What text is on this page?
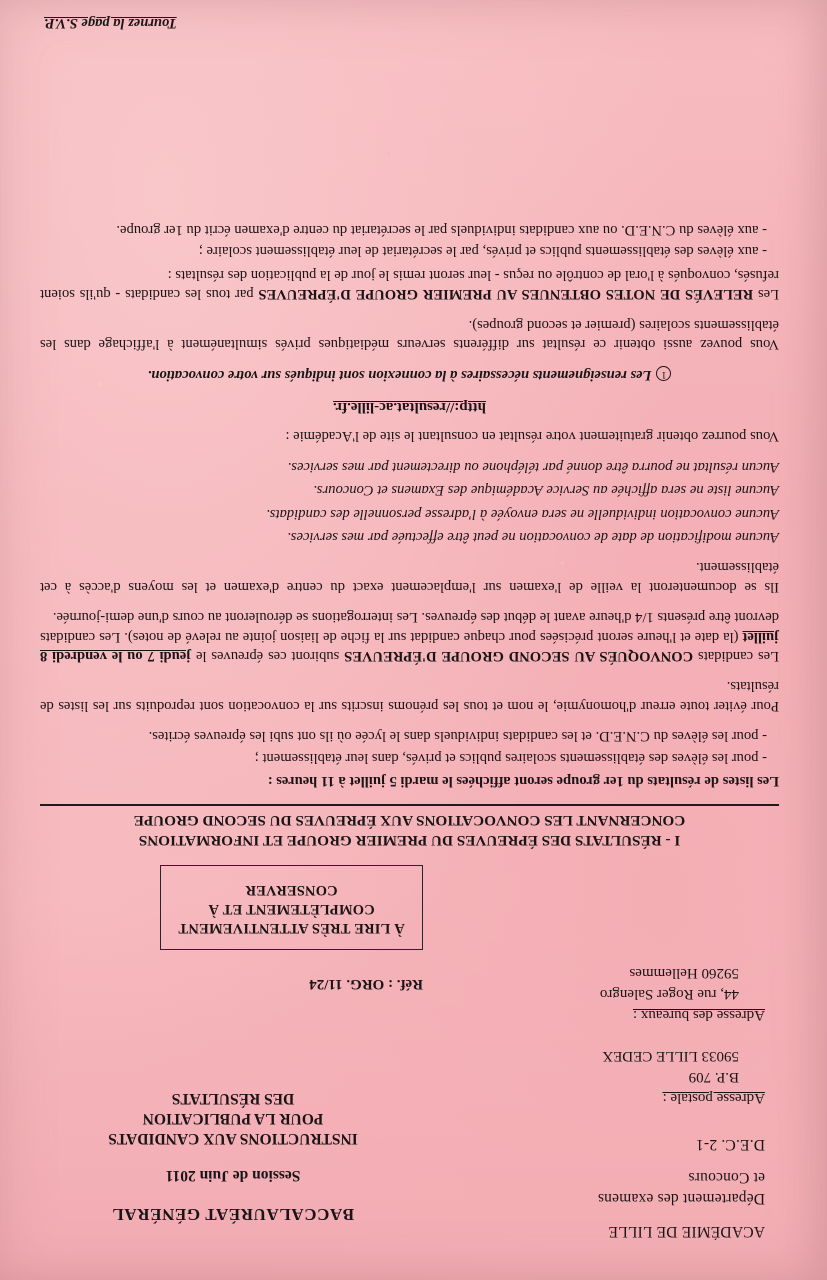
ACADÉMIE DE LILLE
Département des examens
et Concours
D.E.C. 2-1
Adresse postale :
B.P. 709
59033 LILLE CEDEX
Adresse des bureaux :
44, rue Roger Salengro
59260 Hellemmes
BACCALAURÉAT GÉNÉRAL
Session de Juin 2011
INSTRUCTIONS AUX CANDIDATS
POUR LA PUBLICATION
DES RÉSULTATS
Réf. : ORG. 11/24
À LIRE TRÈS ATTENTIVEMENT
COMPLÈTEMENT ET À
CONSERVER
I - RÉSULTATS DES ÉPREUVES DU PREMIER GROUPE ET INFORMATIONS
CONCERNANT LES CONVOCATIONS AUX ÉPREUVES DU SECOND GROUPE

Les listes de résultats du 1er groupe seront affichées le mardi 5 juillet à 11 heures :

- pour les élèves des établissements scolaires publics et privés, dans leur établissement ;

- pour les élèves du C.N.E.D. et les candidats individuels dans le lycée où ils ont subi les épreuves écrites.

Pour éviter toute erreur d'homonymie, le nom et tous les prénoms inscrits sur la convocation sont reproduits sur les listes de résultats.

Les candidats CONVOQUÉS AU SECOND GROUPE D'ÉPREUVES subiront ces épreuves le jeudi 7 ou le vendredi 8 juillet (la date et l'heure seront précisées pour chaque candidat sur la fiche de liaison jointe au relevé de notes). Les candidats devront être présents 1/4 d'heure avant le début des épreuves. Les interrogations se dérouleront au cours d'une demi-journée.

Ils se documenteront la veille de l'examen sur l'emplacement exact du centre d'examen et les moyens d'accès à cet établissement.

Aucune modification de date de convocation ne peut être effectuée par mes services.

Aucune convocation individuelle ne sera envoyée à l'adresse personnelle des candidats.

Aucune liste ne sera affichée au Service Académique des Examens et Concours.

Aucun résultat ne pourra être donné par téléphone ou directement par mes services.

Vous pourrez obtenir gratuitement votre résultat en consultant le site de l'Académie :

http://resultat.ac-lille.fr.
1Les renseignements nécessaires à la connexion sont indiqués sur votre convocation.

Vous pouvez aussi obtenir ce résultat sur différents serveurs médiatiques privés simultanément à l'affichage dans les établissements scolaires (premier et second groupes).

Les RELEVÉS DE NOTES OBTENUES AU PREMIER GROUPE D'ÉPREUVES par tous les candidats - qu'ils soient refusés, convoqués à l'oral de contrôle ou reçus - leur seront remis le jour de la publication des résultats :

- aux élèves des établissements publics et privés, par le secrétariat de leur établissement scolaire ;

- aux élèves du C.N.E.D. ou aux candidats individuels par le secrétariat du centre d'examen écrit du 1er groupe.

Tournez la page S.V.P.
